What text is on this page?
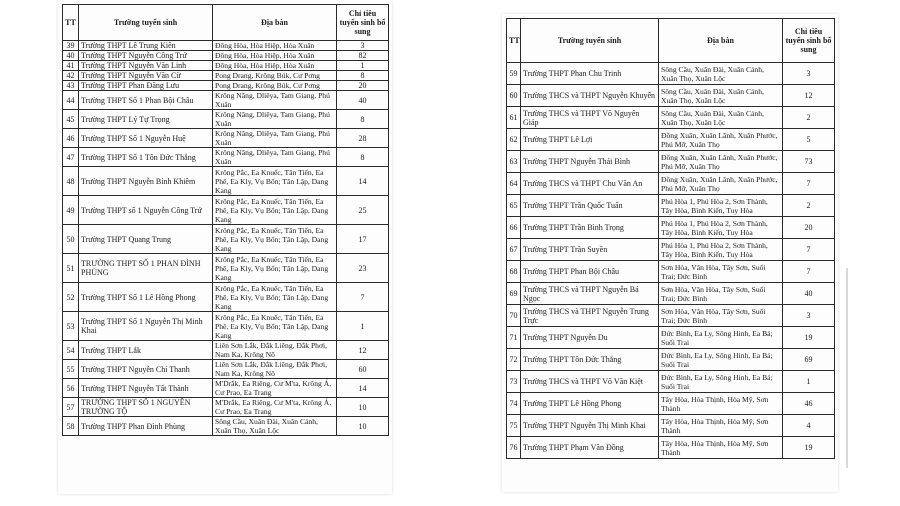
TT	Trường tuyển sinh	Địa bàn	Chỉ tiêu tuyển sinh bổ sung
39	Trường THPT Lê Trung Kiên	Đông Hòa, Hòa Hiệp, Hòa Xuân	3
40	Trường THPT Nguyễn Công Trứ	Đông Hòa, Hòa Hiệp, Hòa Xuân	82
41	Trường THPT Nguyễn Văn Linh	Đông Hòa, Hòa Hiệp, Hòa Xuân	1
42	Trường THPT Nguyễn Văn Cừ	Pong Drang, Krông Búk, Cư Pơng	8
43	Trường THPT Phan Đăng Lưu	Pong Drang, Krông Búk, Cư Pơng	20
44	Trường THPT Số 1 Phan Bội Châu	Krông Năng, Dliêya, Tam Giang, Phú Xuân	40
45	Trường THPT Lý Tự Trọng	Krông Năng, Dliêya, Tam Giang, Phú Xuân	8
46	Trường THPT Số 1 Nguyễn Huệ	Krông Năng, Dliêya, Tam Giang, Phú Xuân	28
47	Trường THPT Số 1 Tôn Đức Thắng	Krông Năng, Dliêya, Tam Giang, Phú Xuân	8
48	Trường THPT Nguyễn Bỉnh Khiêm	Krông Pắc, Ea Knuếc, Tân Tiến, Ea Phê, Ea Kly, Vụ Bổn; Tân Lập, Dang Kang	14
49	Trường THPT số 1 Nguyễn Công Trứ	Krông Pắc, Ea Knuếc, Tân Tiến, Ea Phê, Ea Kly, Vụ Bổn; Tân Lập, Dang Kang	25
50	Trường THPT Quang Trung	Krông Pắc, Ea Knuếc, Tân Tiến, Ea Phê, Ea Kly, Vụ Bổn; Tân Lập, Dang Kang	17
51	TRƯỜNG THPT SỐ 1 PHAN ĐÌNH PHÙNG	Krông Pắc, Ea Knuếc, Tân Tiến, Ea Phê, Ea Kly, Vụ Bổn; Tân Lập, Dang Kang	23
52	Trường THPT Số 1 Lê Hồng Phong	Krông Pắc, Ea Knuếc, Tân Tiến, Ea Phê, Ea Kly, Vụ Bổn; Tân Lập, Dang Kang	7
53	Trường THPT Số 1 Nguyễn Thị Minh Khai	Krông Pắc, Ea Knuếc, Tân Tiến, Ea Phê, Ea Kly, Vụ Bổn; Tân Lập, Dang Kang	1
54	Trường THPT Lắk	Liên Sơn Lắk, Đắk Liêng, Đắk Phơi, Nam Ka, Krông Nô	12
55	Trường THPT Nguyễn Chí Thanh	Liên Sơn Lắk, Đắk Liêng, Đắk Phơi, Nam Ka, Krông Nô	60
56	Trường THPT Nguyễn Tất Thành	M'Drắk, Ea Riêng, Cư M'ta, Krông Á, Cư Prao, Ea Trang	14
57	TRƯỜNG THPT SỐ 1 NGUYỄN TRƯỜNG TỘ	M'Drắk, Ea Riêng, Cư M'ta, Krông Á, Cư Prao, Ea Trang	10
58	Trường THPT Phan Đình Phùng	Sông Cầu, Xuân Đài, Xuân Cảnh, Xuân Thọ, Xuân Lộc	10
TT	Trường tuyển sinh	Địa bàn	Chỉ tiêu tuyển sinh bổ sung
59	Trường THPT Phan Chu Trinh	Sông Cầu, Xuân Đài, Xuân Cảnh, Xuân Thọ, Xuân Lộc	3
60	Trường THCS và THPT Nguyễn Khuyến	Sông Cầu, Xuân Đài, Xuân Cảnh, Xuân Thọ, Xuân Lộc	12
61	Trường THCS và THPT Võ Nguyên Giáp	Sông Cầu, Xuân Đài, Xuân Cảnh, Xuân Thọ, Xuân Lộc	2
62	Trường THPT Lê Lợi	Đồng Xuân, Xuân Lãnh, Xuân Phước, Phú Mỡ, Xuân Thọ	5
63	Trường THPT Nguyễn Thái Bình	Đồng Xuân, Xuân Lãnh, Xuân Phước, Phú Mỡ, Xuân Thọ	73
64	Trường THCS và THPT Chu Văn An	Đồng Xuân, Xuân Lãnh, Xuân Phước, Phú Mỡ, Xuân Thọ	7
65	Trường THPT Trần Quốc Tuấn	Phú Hòa 1, Phú Hòa 2, Sơn Thành, Tây Hòa, Bình Kiến, Tuy Hòa	2
66	Trường THPT Trần Bình Trọng	Phú Hòa 1, Phú Hòa 2, Sơn Thành, Tây Hòa, Bình Kiến, Tuy Hòa	20
67	Trường THPT Trần Suyền	Phú Hòa 1, Phú Hòa 2, Sơn Thành, Tây Hòa, Bình Kiến, Tuy Hòa	7
68	Trường THPT Phan Bội Châu	Sơn Hòa, Vân Hòa, Tây Sơn, Suối Trai; Đức Bình	7
69	Trường THCS và THPT Nguyễn Bá Ngọc	Sơn Hòa, Vân Hòa, Tây Sơn, Suối Trai; Đức Bình	40
70	Trường THCS và THPT Nguyễn Trung Trực	Sơn Hòa, Vân Hòa, Tây Sơn, Suối Trai; Đức Bình	3
71	Trường THPT Nguyễn Du	Đức Bình, Ea Ly, Sông Hinh, Ea Bá; Suối Trai	19
72	Trường THPT Tôn Đức Thắng	Đức Bình, Ea Ly, Sông Hinh, Ea Bá; Suối Trai	69
73	Trường THCS và THPT Võ Văn Kiệt	Đức Bình, Ea Ly, Sông Hinh, Ea Bá; Suối Trai	1
74	Trường THPT Lê Hồng Phong	Tây Hòa, Hòa Thịnh, Hòa Mỹ, Sơn Thành	46
75	Trường THPT Nguyễn Thị Minh Khai	Tây Hòa, Hòa Thịnh, Hòa Mỹ, Sơn Thành	4
76	Trường THPT Phạm Văn Đồng	Tây Hòa, Hòa Thịnh, Hòa Mỹ, Sơn Thành	19
